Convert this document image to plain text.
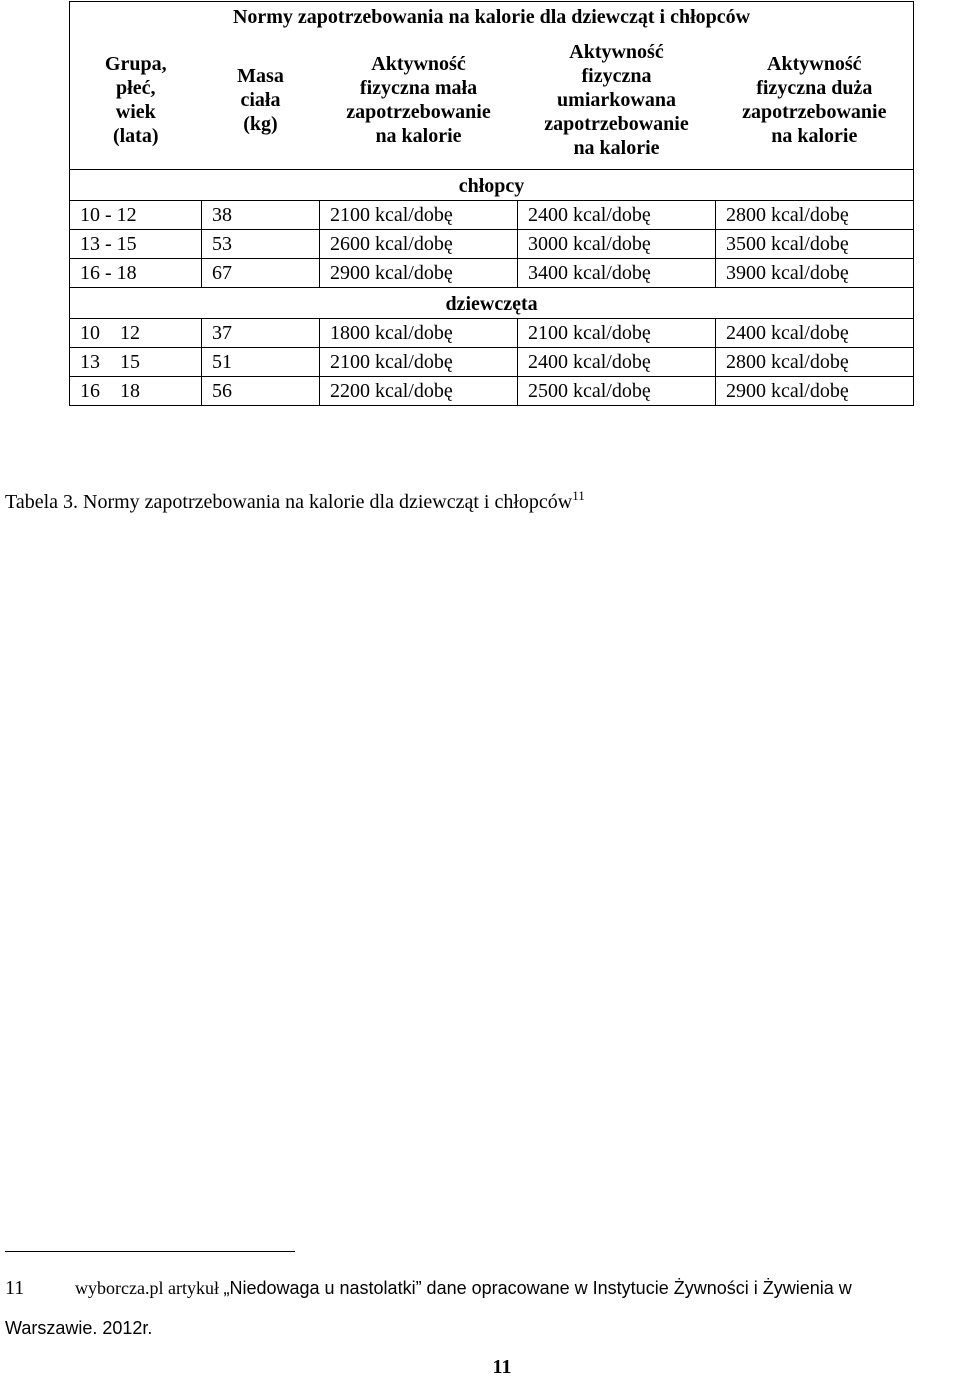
Normy zapotrzebowania na kalorie dla dziewcząt i chłopców				

Grupa,
płeć,
wiek
(lata)	Masa
ciała
(kg)	Aktywność
fizyczna mała
zapotrzebowanie
na kalorie	Aktywność
fizyczna
umiarkowana
zapotrzebowanie
na kalorie	Aktywność
fizyczna duża
zapotrzebowanie
na kalorie

chłopcy				
10 - 12	38	2100 kcal/dobę	2400 kcal/dobę	2800 kcal/dobę
13 - 15	53	2600 kcal/dobę	3000 kcal/dobę	3500 kcal/dobę
16 - 18	67	2900 kcal/dobę	3400 kcal/dobę	3900 kcal/dobę
dziewczęta				
10    12	37	1800 kcal/dobę	2100 kcal/dobę	2400 kcal/dobę
13    15	51	2100 kcal/dobę	2400 kcal/dobę	2800 kcal/dobę
16    18	56	2200 kcal/dobę	2500 kcal/dobę	2900 kcal/dobę

Tabela 3. Normy zapotrzebowania na kalorie dla dziewcząt i chłopców$^{11}$

11	wyborcza.pl artykuł „Niedowaga u nastolatki” dane opracowane w Instytucie Żywności i Żywienia w
Warszawie. 2012r.
11
